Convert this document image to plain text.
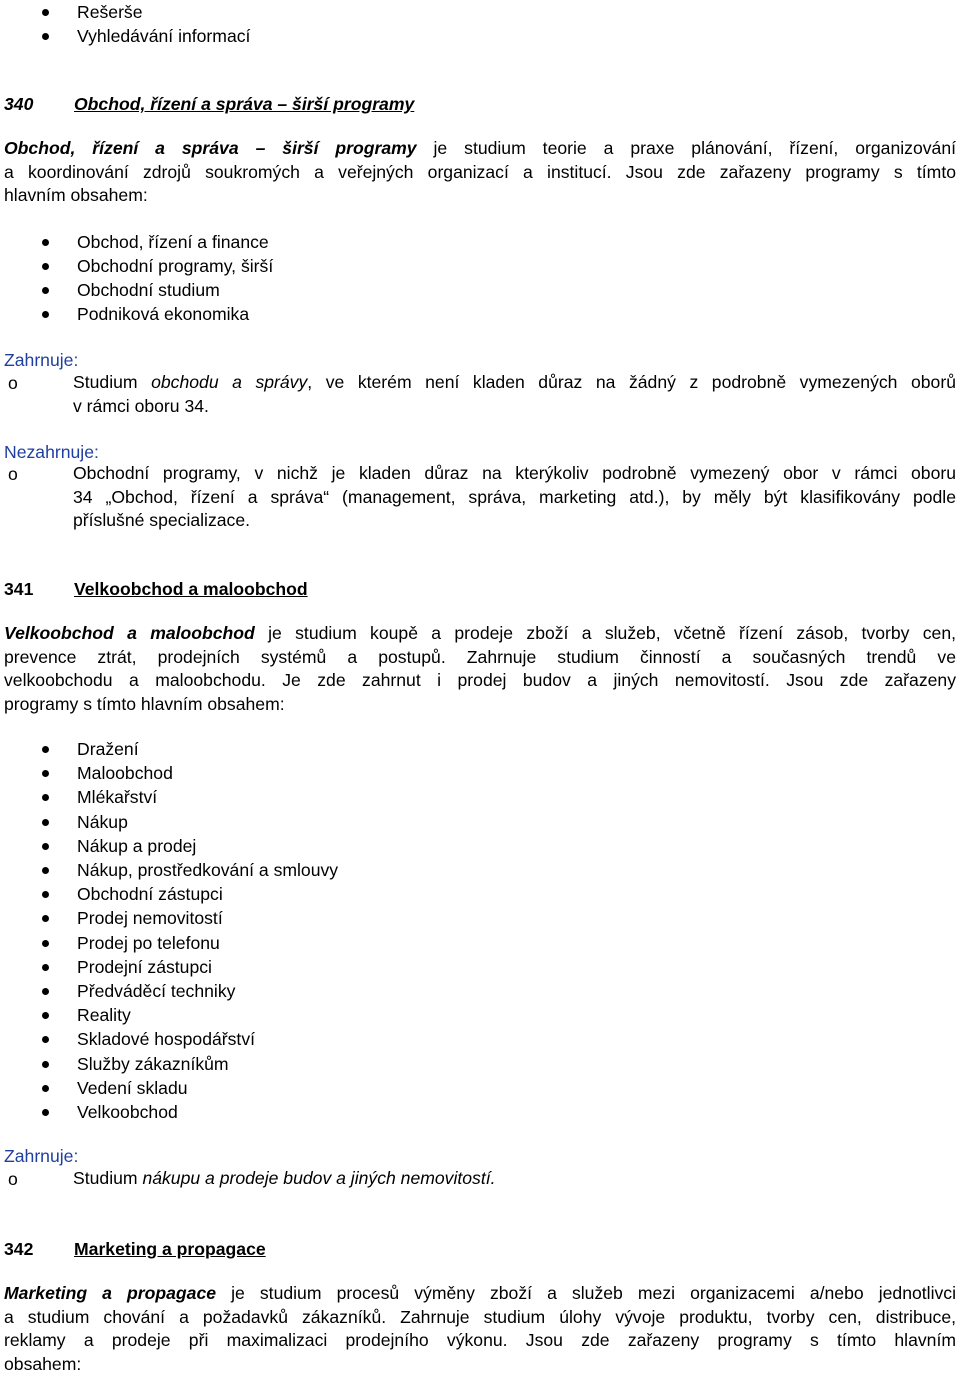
Rešerše
Vyhledávání informací
340 Obchod, řízení a správa – širší programy
Obchod, řízení a správa – širší programy je studium teorie a praxe plánování, řízení, organizování
a koordinování zdrojů soukromých a veřejných organizací a institucí. Jsou zde zařazeny programy s tímto
hlavním obsahem:
Obchod, řízení a finance
Obchodní programy, širší
Obchodní studium
Podniková ekonomika
Zahrnuje:
o	Studium obchodu a správy, ve kterém není kladen důraz na žádný z podrobně vymezených oborů
v rámci oboru 34.
Nezahrnuje:
o	Obchodní programy, v nichž je kladen důraz na kterýkoliv podrobně vymezený obor v rámci oboru
34 „Obchod, řízení a správa“ (management, správa, marketing atd.), by měly být klasifikovány podle
příslušné specializace.
341 Velkoobchod a maloobchod
Velkoobchod a maloobchod je studium koupě a prodeje zboží a služeb, včetně řízení zásob, tvorby cen,
prevence ztrát, prodejních systémů a postupů. Zahrnuje studium činností a současných trendů ve
velkoobchodu a maloobchodu. Je zde zahrnut i prodej budov a jiných nemovitostí. Jsou zde zařazeny
programy s tímto hlavním obsahem:
Dražení
Maloobchod
Mlékařství
Nákup
Nákup a prodej
Nákup, prostředkování a smlouvy
Obchodní zástupci
Prodej nemovitostí
Prodej po telefonu
Prodejní zástupci
Předváděcí techniky
Reality
Skladové hospodářství
Služby zákazníkům
Vedení skladu
Velkoobchod
Zahrnuje:
o	Studium nákupu a prodeje budov a jiných nemovitostí.
342 Marketing a propagace
Marketing a propagace je studium procesů výměny zboží a služeb mezi organizacemi a/nebo jednotlivci
a studium chování a požadavků zákazníků. Zahrnuje studium úlohy vývoje produktu, tvorby cen, distribuce,
reklamy a prodeje při maximalizaci prodejního výkonu. Jsou zde zařazeny programy s tímto hlavním
obsahem:
